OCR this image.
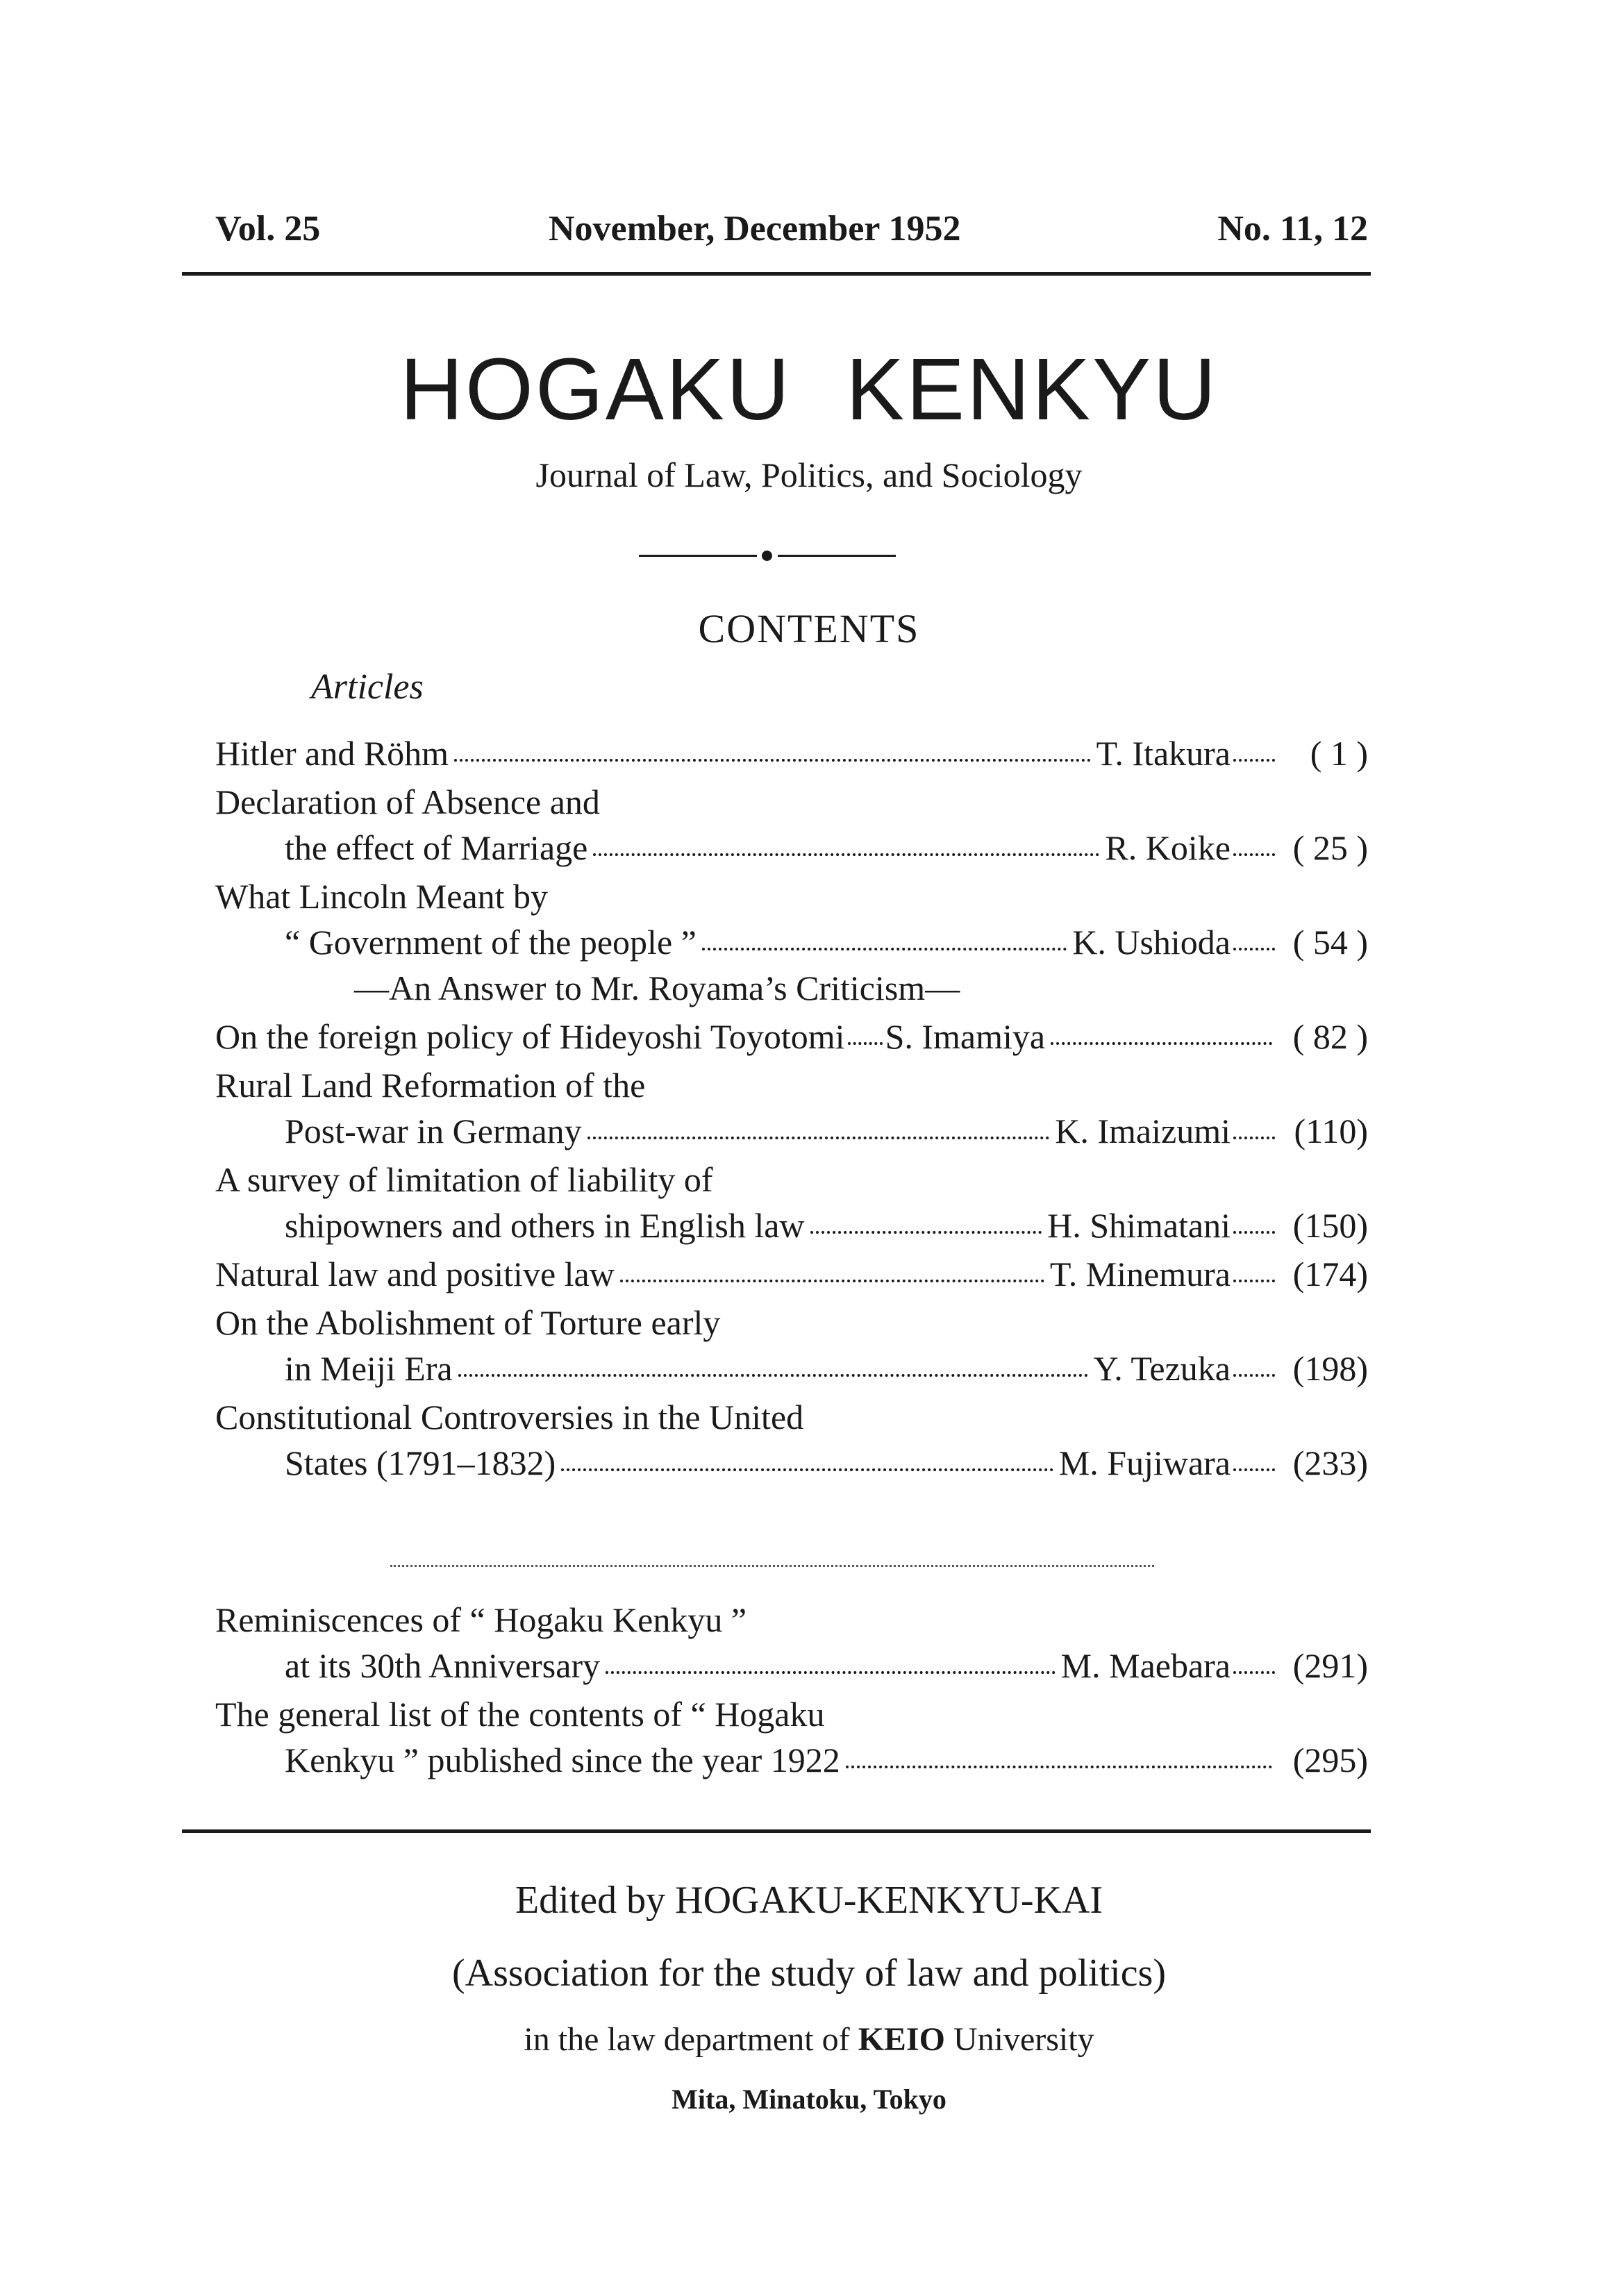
Vol. 25	November, December 1952	No. 11, 12
HOGAKU KENKYU
Journal of Law, Politics, and Sociology
CONTENTS
Articles
Hitler and Röhm	T. Itakura	( 1 )
Declaration of Absence and
the effect of Marriage	R. Koike	( 25 )
What Lincoln Meant by
“ Government of the people ”	K. Ushioda	( 54 )
—An Answer to Mr. Royama’s Criticism—
On the foreign policy of Hideyoshi Toyotomi S. Imamiya	( 82 )
Rural Land Reformation of the
Post-war in Germany	K. Imaizumi	(110)
A survey of limitation of liability of
shipowners and others in English law	H. Shimatani	(150)
Natural law and positive law	T. Minemura	(174)
On the Abolishment of Torture early
in Meiji Era	Y. Tezuka	(198)
Constitutional Controversies in the United
States (1791–1832)	M. Fujiwara	(233)
Reminiscences of “ Hogaku Kenkyu ”
at its 30th Anniversary	M. Maebara	(291)
The general list of the contents of “ Hogaku
Kenkyu ” published since the year 1922	(295)
Edited by HOGAKU-KENKYU-KAI
(Association for the study of law and politics)
in the law department of KEIO University
Mita, Minatoku, Tokyo
